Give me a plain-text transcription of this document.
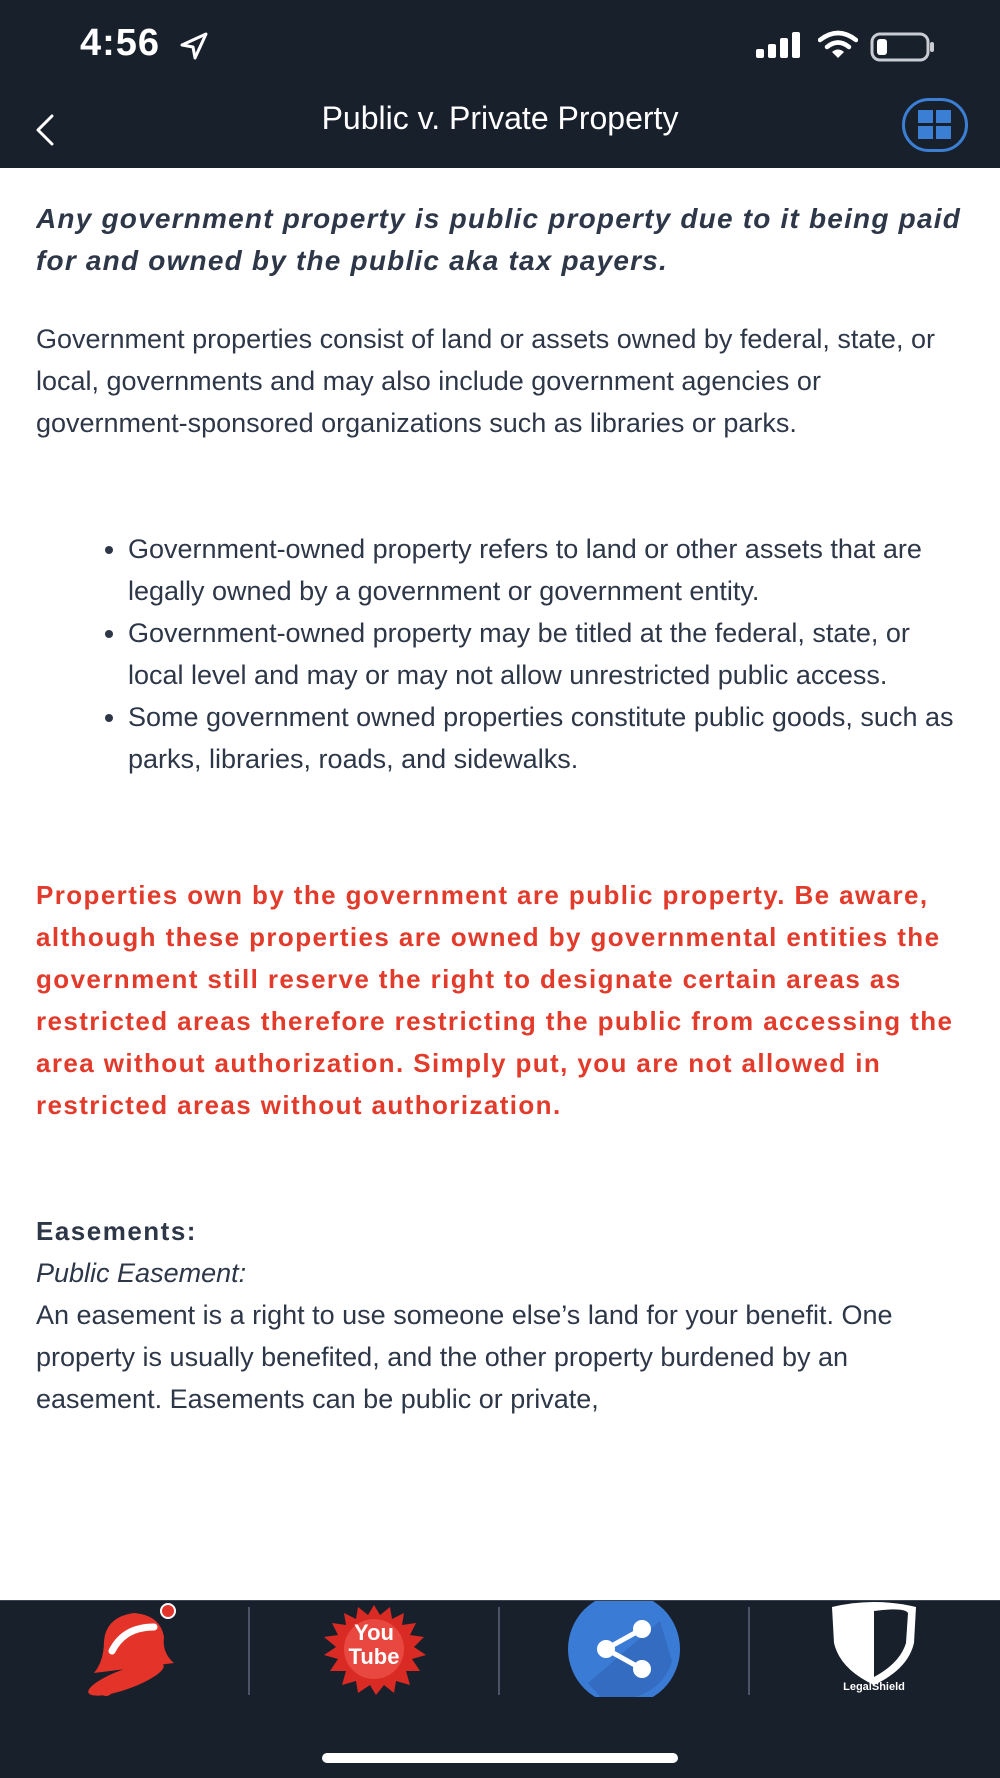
4:56
Public v. Private Property

Any government property is public property due to it being paid for and owned by the public aka tax payers.

Government properties consist of land or assets owned by federal, state, or local, governments and may also include government agencies or government-sponsored organizations such as libraries or parks.

• Government-owned property refers to land or other assets that are legally owned by a government or government entity.
• Government-owned property may be titled at the federal, state, or local level and may or may not allow unrestricted public access.
• Some government owned properties constitute public goods, such as parks, libraries, roads, and sidewalks.

Properties own by the government are public property. Be aware, although these properties are owned by governmental entities the government still reserve the right to designate certain areas as restricted areas therefore restricting the public from accessing the area without authorization. Simply put, you are not allowed in restricted areas without authorization.

Easements:

Public Easement:

An easement is a right to use someone else’s land for your benefit. One property is usually benefited, and the other property burdened by an easement. Easements can be public or private,

You
Tube
LegalShield
